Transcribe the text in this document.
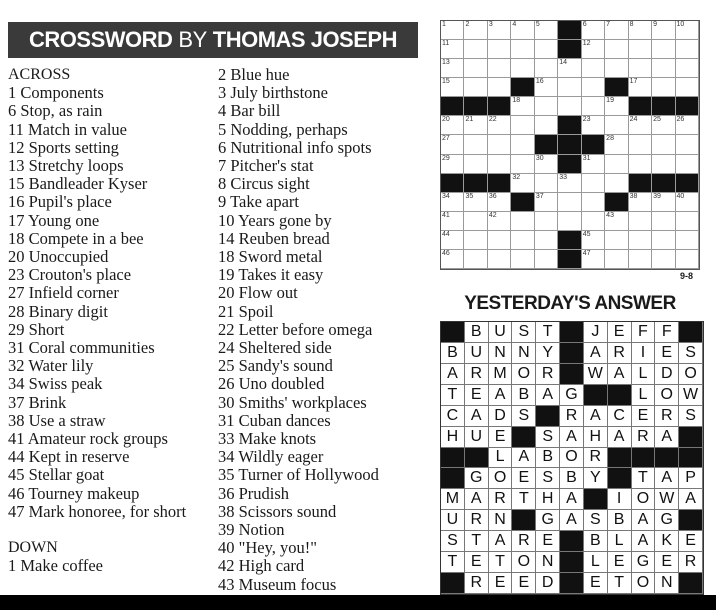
CROSSWORD BY THOMAS JOSEPH
ACROSS
1 Components
6 Stop, as rain
11 Match in value
12 Sports setting
13 Stretchy loops
15 Bandleader Kyser
16 Pupil's place
17 Young one
18 Compete in a bee
20 Unoccupied
23 Crouton's place
27 Infield corner
28 Binary digit
29 Short
31 Coral communities
32 Water lily
34 Swiss peak
37 Brink
38 Use a straw
41 Amateur rock groups
44 Kept in reserve
45 Stellar goat
46 Tourney makeup
47 Mark honoree, for short
DOWN
1 Make coffee
2 Blue hue
3 July birthstone
4 Bar bill
5 Nodding, perhaps
6 Nutritional info spots
7 Pitcher's stat
8 Circus sight
9 Take apart
10 Years gone by
14 Reuben bread
18 Sword metal
19 Takes it easy
20 Flow out
21 Spoil
22 Letter before omega
24 Sheltered side
25 Sandy's sound
26 Uno doubled
30 Smiths' workplaces
31 Cuban dances
33 Make knots
34 Wildly eager
35 Turner of Hollywood
36 Prudish
38 Scissors sound
39 Notion
40 "Hey, you!"
42 High card
43 Museum focus
1	2	3	4	5	6	7	8	9	10
11	12
13	14
15	16	17
18	19
20 21 22	23	24 25 26
27	28
29	30	31
32	33
34 35 36	37	38 39 40
41	42	43
44	45
46	47
9-8
YESTERDAY'S ANSWER
B U S T	J E F F
B U N N Y	A R I	E S
A R M O R	W A L D O
T E A B A G	L O W
C A D S	R A C E R S
H U E	S A H A R A
L A B O R
G O E S B Y	T A P
M A R T H A	I O W A
U R N	G A S B A G
S T A R E	B L A K E
T E T O N	L E G E R
R E E D	E T O N
